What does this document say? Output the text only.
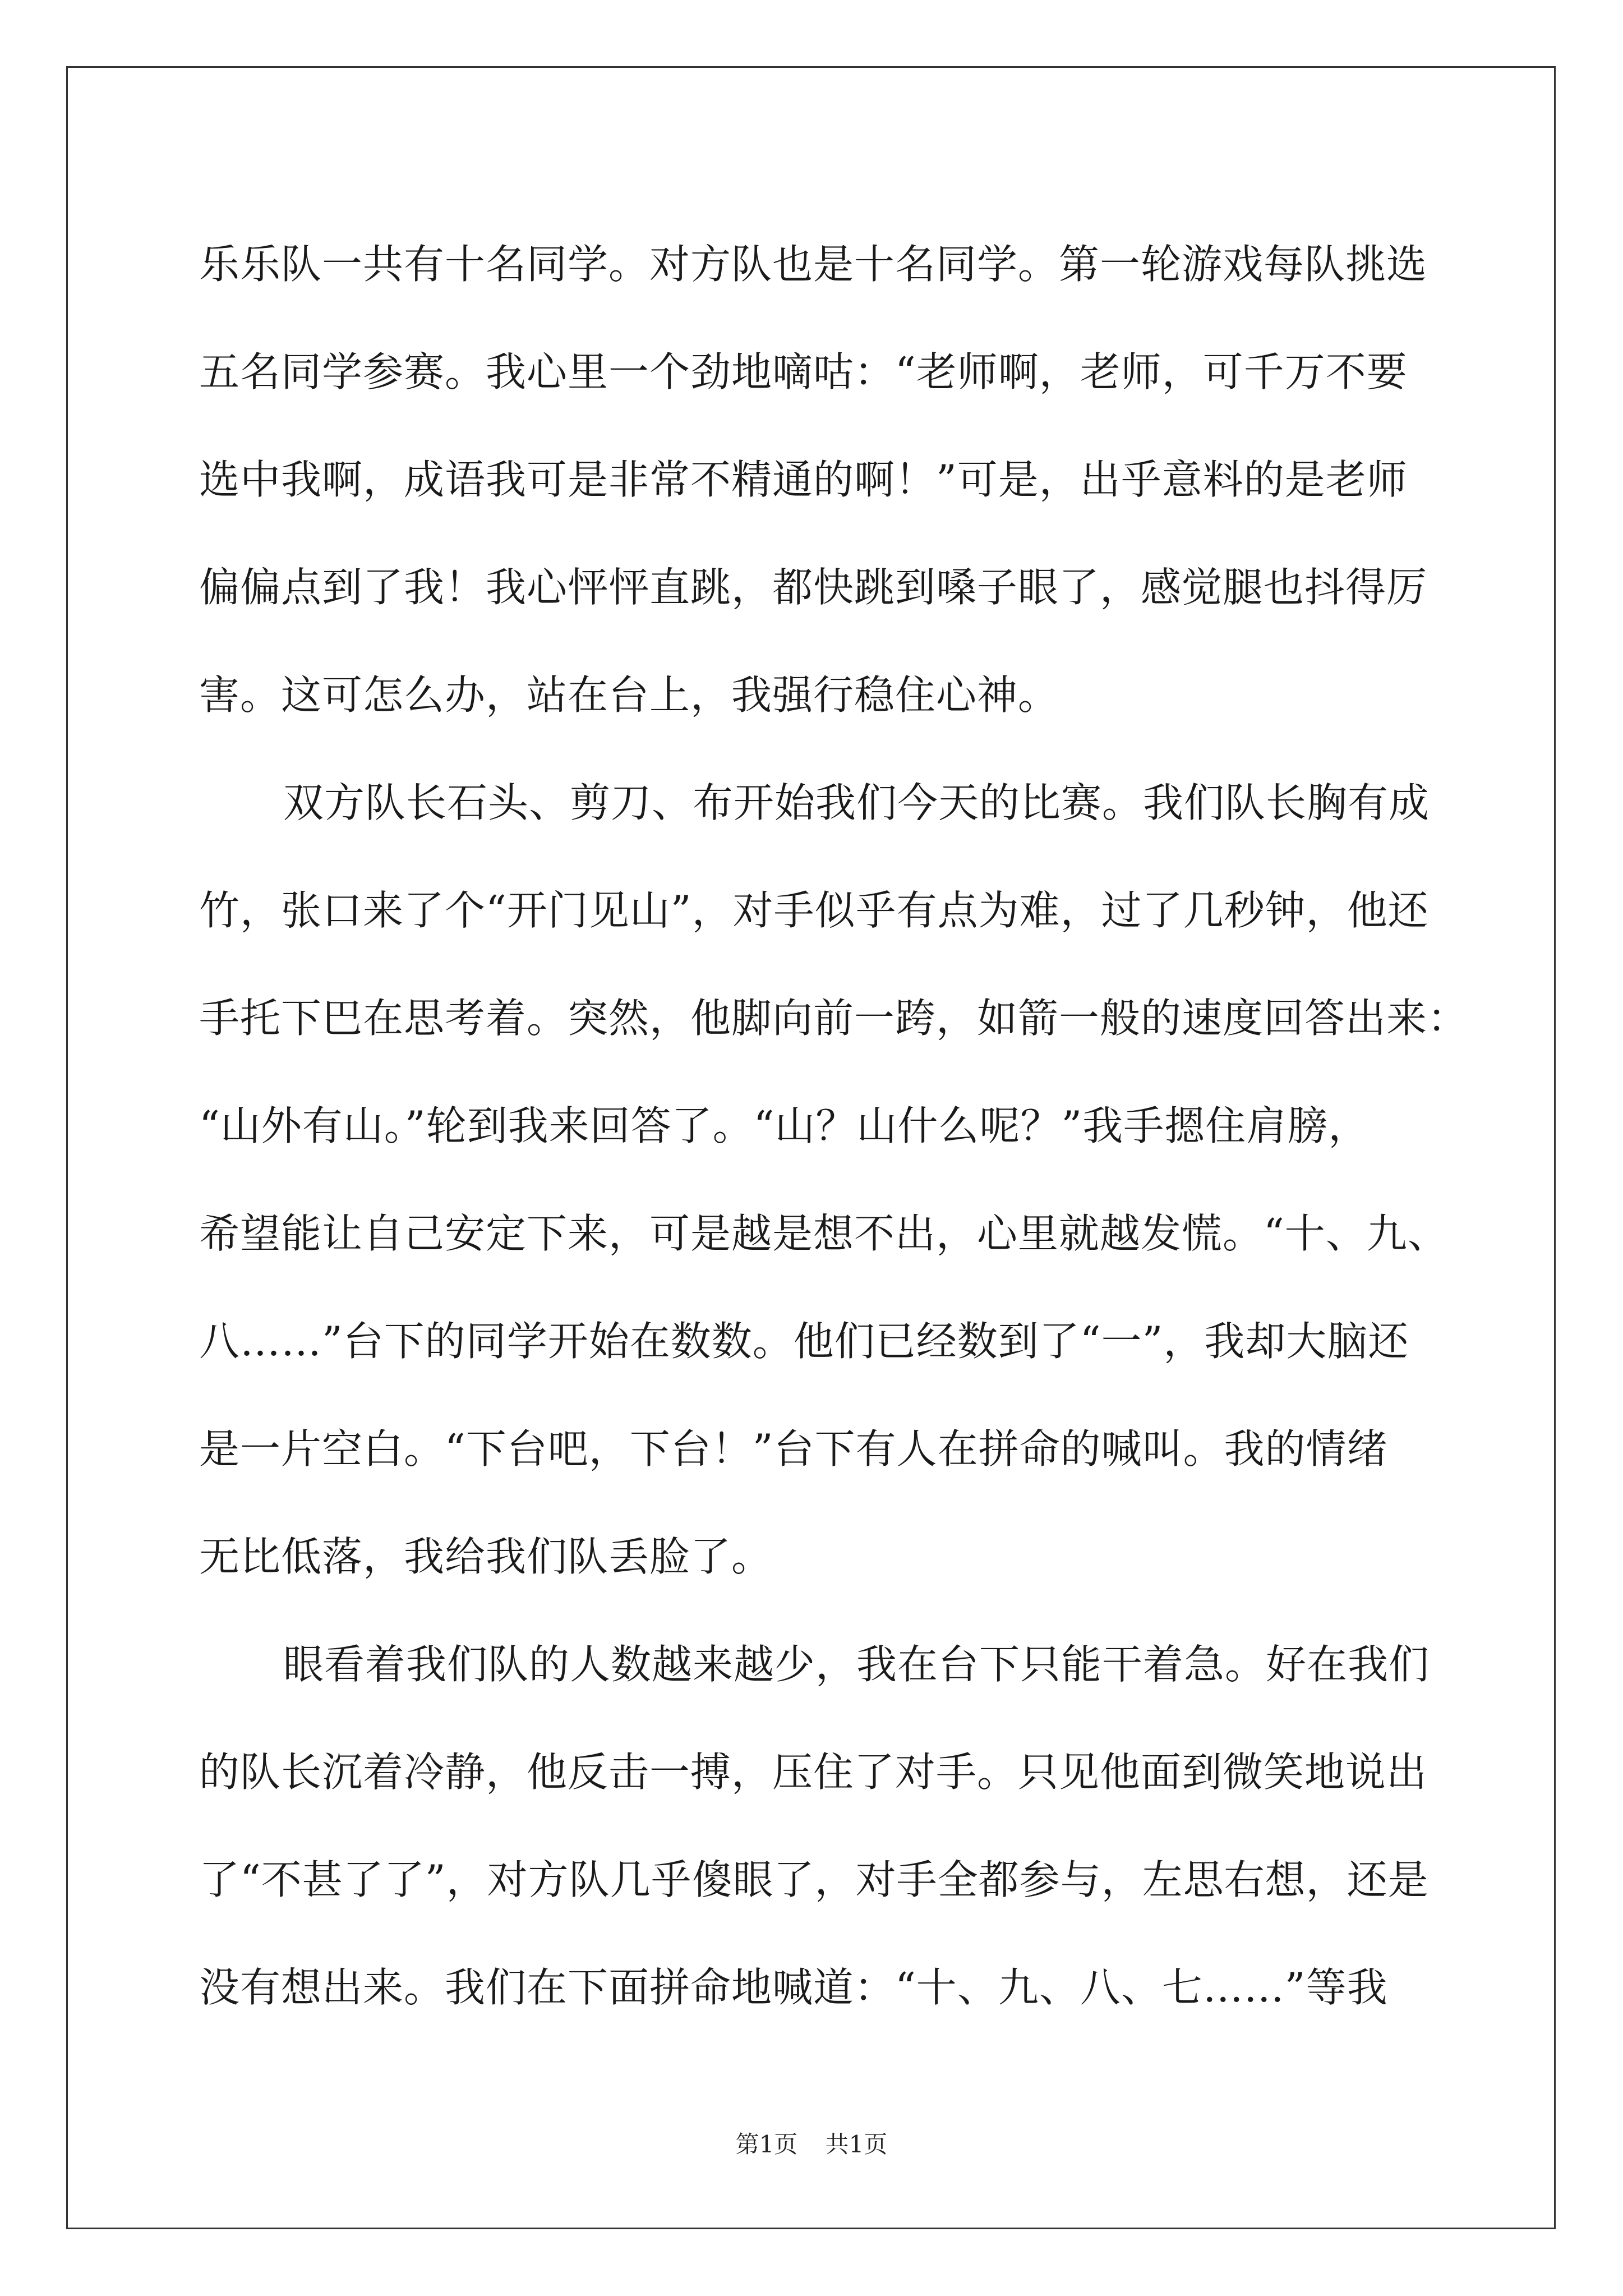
乐乐队一共有十名同学。对方队也是十名同学。第一轮游戏每队挑选
五名同学参赛。我心里一个劲地嘀咕：“老师啊，老师，可千万不要
选中我啊，成语我可是非常不精通的啊！”可是，出乎意料的是老师
偏偏点到了我！我心怦怦直跳，都快跳到嗓子眼了，感觉腿也抖得厉
害。这可怎么办，站在台上，我强行稳住心神。
双方队长石头、剪刀、布开始我们今天的比赛。我们队长胸有成
竹，张口来了个“开门见山”，对手似乎有点为难，过了几秒钟，他还
手托下巴在思考着。突然，他脚向前一跨，如箭一般的速度回答出来：
“山外有山。”轮到我来回答了。“山？山什么呢？”我手摁住肩膀，
希望能让自己安定下来，可是越是想不出，心里就越发慌。“十、九、
八……”台下的同学开始在数数。他们已经数到了“一”，我却大脑还
是一片空白。“下台吧，下台！”台下有人在拼命的喊叫。我的情绪
无比低落，我给我们队丢脸了。
眼看着我们队的人数越来越少，我在台下只能干着急。好在我们
的队长沉着冷静，他反击一搏，压住了对手。只见他面到微笑地说出
了“不甚了了”，对方队几乎傻眼了，对手全都参与，左思右想，还是
没有想出来。我们在下面拼命地喊道：“十、九、八、七……”等我
第1页 共1页
